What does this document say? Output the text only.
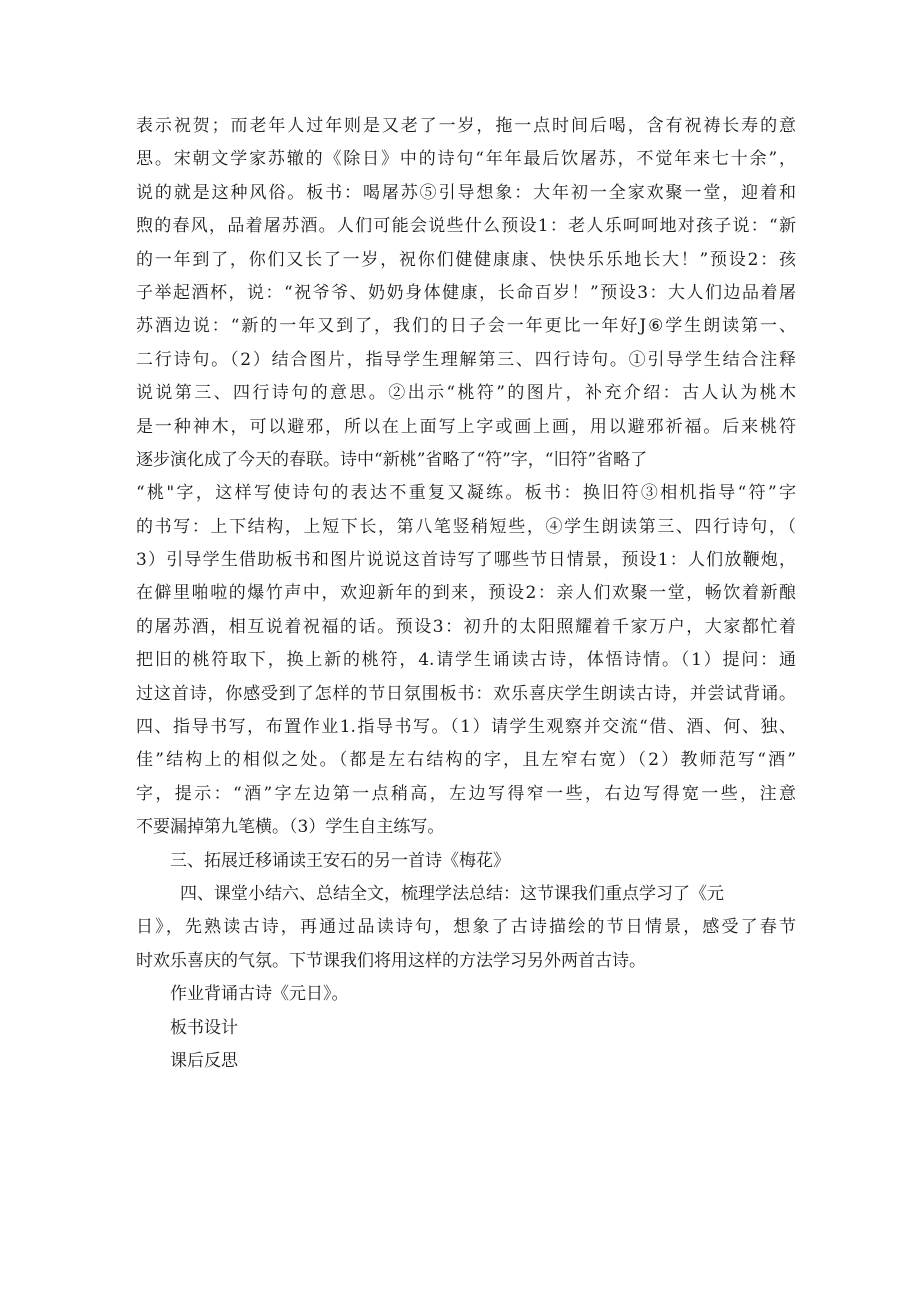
表示祝贺；而老年人过年则是又老了一岁，拖一点时间后喝，含有祝祷长寿的意
思。宋朝文学家苏辙的《除日》中的诗句“年年最后饮屠苏，不觉年来七十余”，
说的就是这种风俗。板书：喝屠苏⑤引导想象：大年初一全家欢聚一堂，迎着和
煦的春风，品着屠苏酒。人们可能会说些什么预设1：老人乐呵呵地对孩子说：“新
的一年到了，你们又长了一岁，祝你们健健康康、快快乐乐地长大！”预设2：孩
子举起酒杯，说：“祝爷爷、奶奶身体健康，长命百岁！”预设3：大人们边品着屠
苏酒边说：“新的一年又到了，我们的日子会一年更比一年好J⑥学生朗读第一、
二行诗句。（2）结合图片，指导学生理解第三、四行诗句。①引导学生结合注释
说说第三、四行诗句的意思。②出示“桃符”的图片，补充介绍：古人认为桃木
是一种神木，可以避邪，所以在上面写上字或画上画，用以避邪祈福。后来桃符
逐步演化成了今天的春联。诗中“新桃”省略了“符”字，“旧符”省略了
“桃"字，这样写使诗句的表达不重复又凝练。板书：换旧符③相机指导“符”字
的书写：上下结构，上短下长，第八笔竖稍短些，④学生朗读第三、四行诗句，（
3）引导学生借助板书和图片说说这首诗写了哪些节日情景，预设1：人们放鞭炮，
在僻里啪啦的爆竹声中，欢迎新年的到来，预设2：亲人们欢聚一堂，畅饮着新酿
的屠苏酒，相互说着祝福的话。预设3：初升的太阳照耀着千家万户，大家都忙着
把旧的桃符取下，换上新的桃符，4.请学生诵读古诗，体悟诗情。（1）提问：通
过这首诗，你感受到了怎样的节日氛围板书：欢乐喜庆学生朗读古诗，并尝试背诵。
四、指导书写，布置作业1.指导书写。（1）请学生观察并交流“借、酒、何、独、
佳”结构上的相似之处。（都是左右结构的字，且左窄右宽）（2）教师范写“酒”
字，提示：“酒”字左边第一点稍高，左边写得窄一些，右边写得宽一些，注意
不要漏掉第九笔横。（3）学生自主练写。
三、拓展迁移诵读王安石的另一首诗《梅花》
四、课堂小结六、总结全文，梳理学法总结：这节课我们重点学习了《元
日》，先熟读古诗，再通过品读诗句，想象了古诗描绘的节日情景，感受了春节
时欢乐喜庆的气氛。下节课我们将用这样的方法学习另外两首古诗。
作业背诵古诗《元日》。
板书设计
课后反思
